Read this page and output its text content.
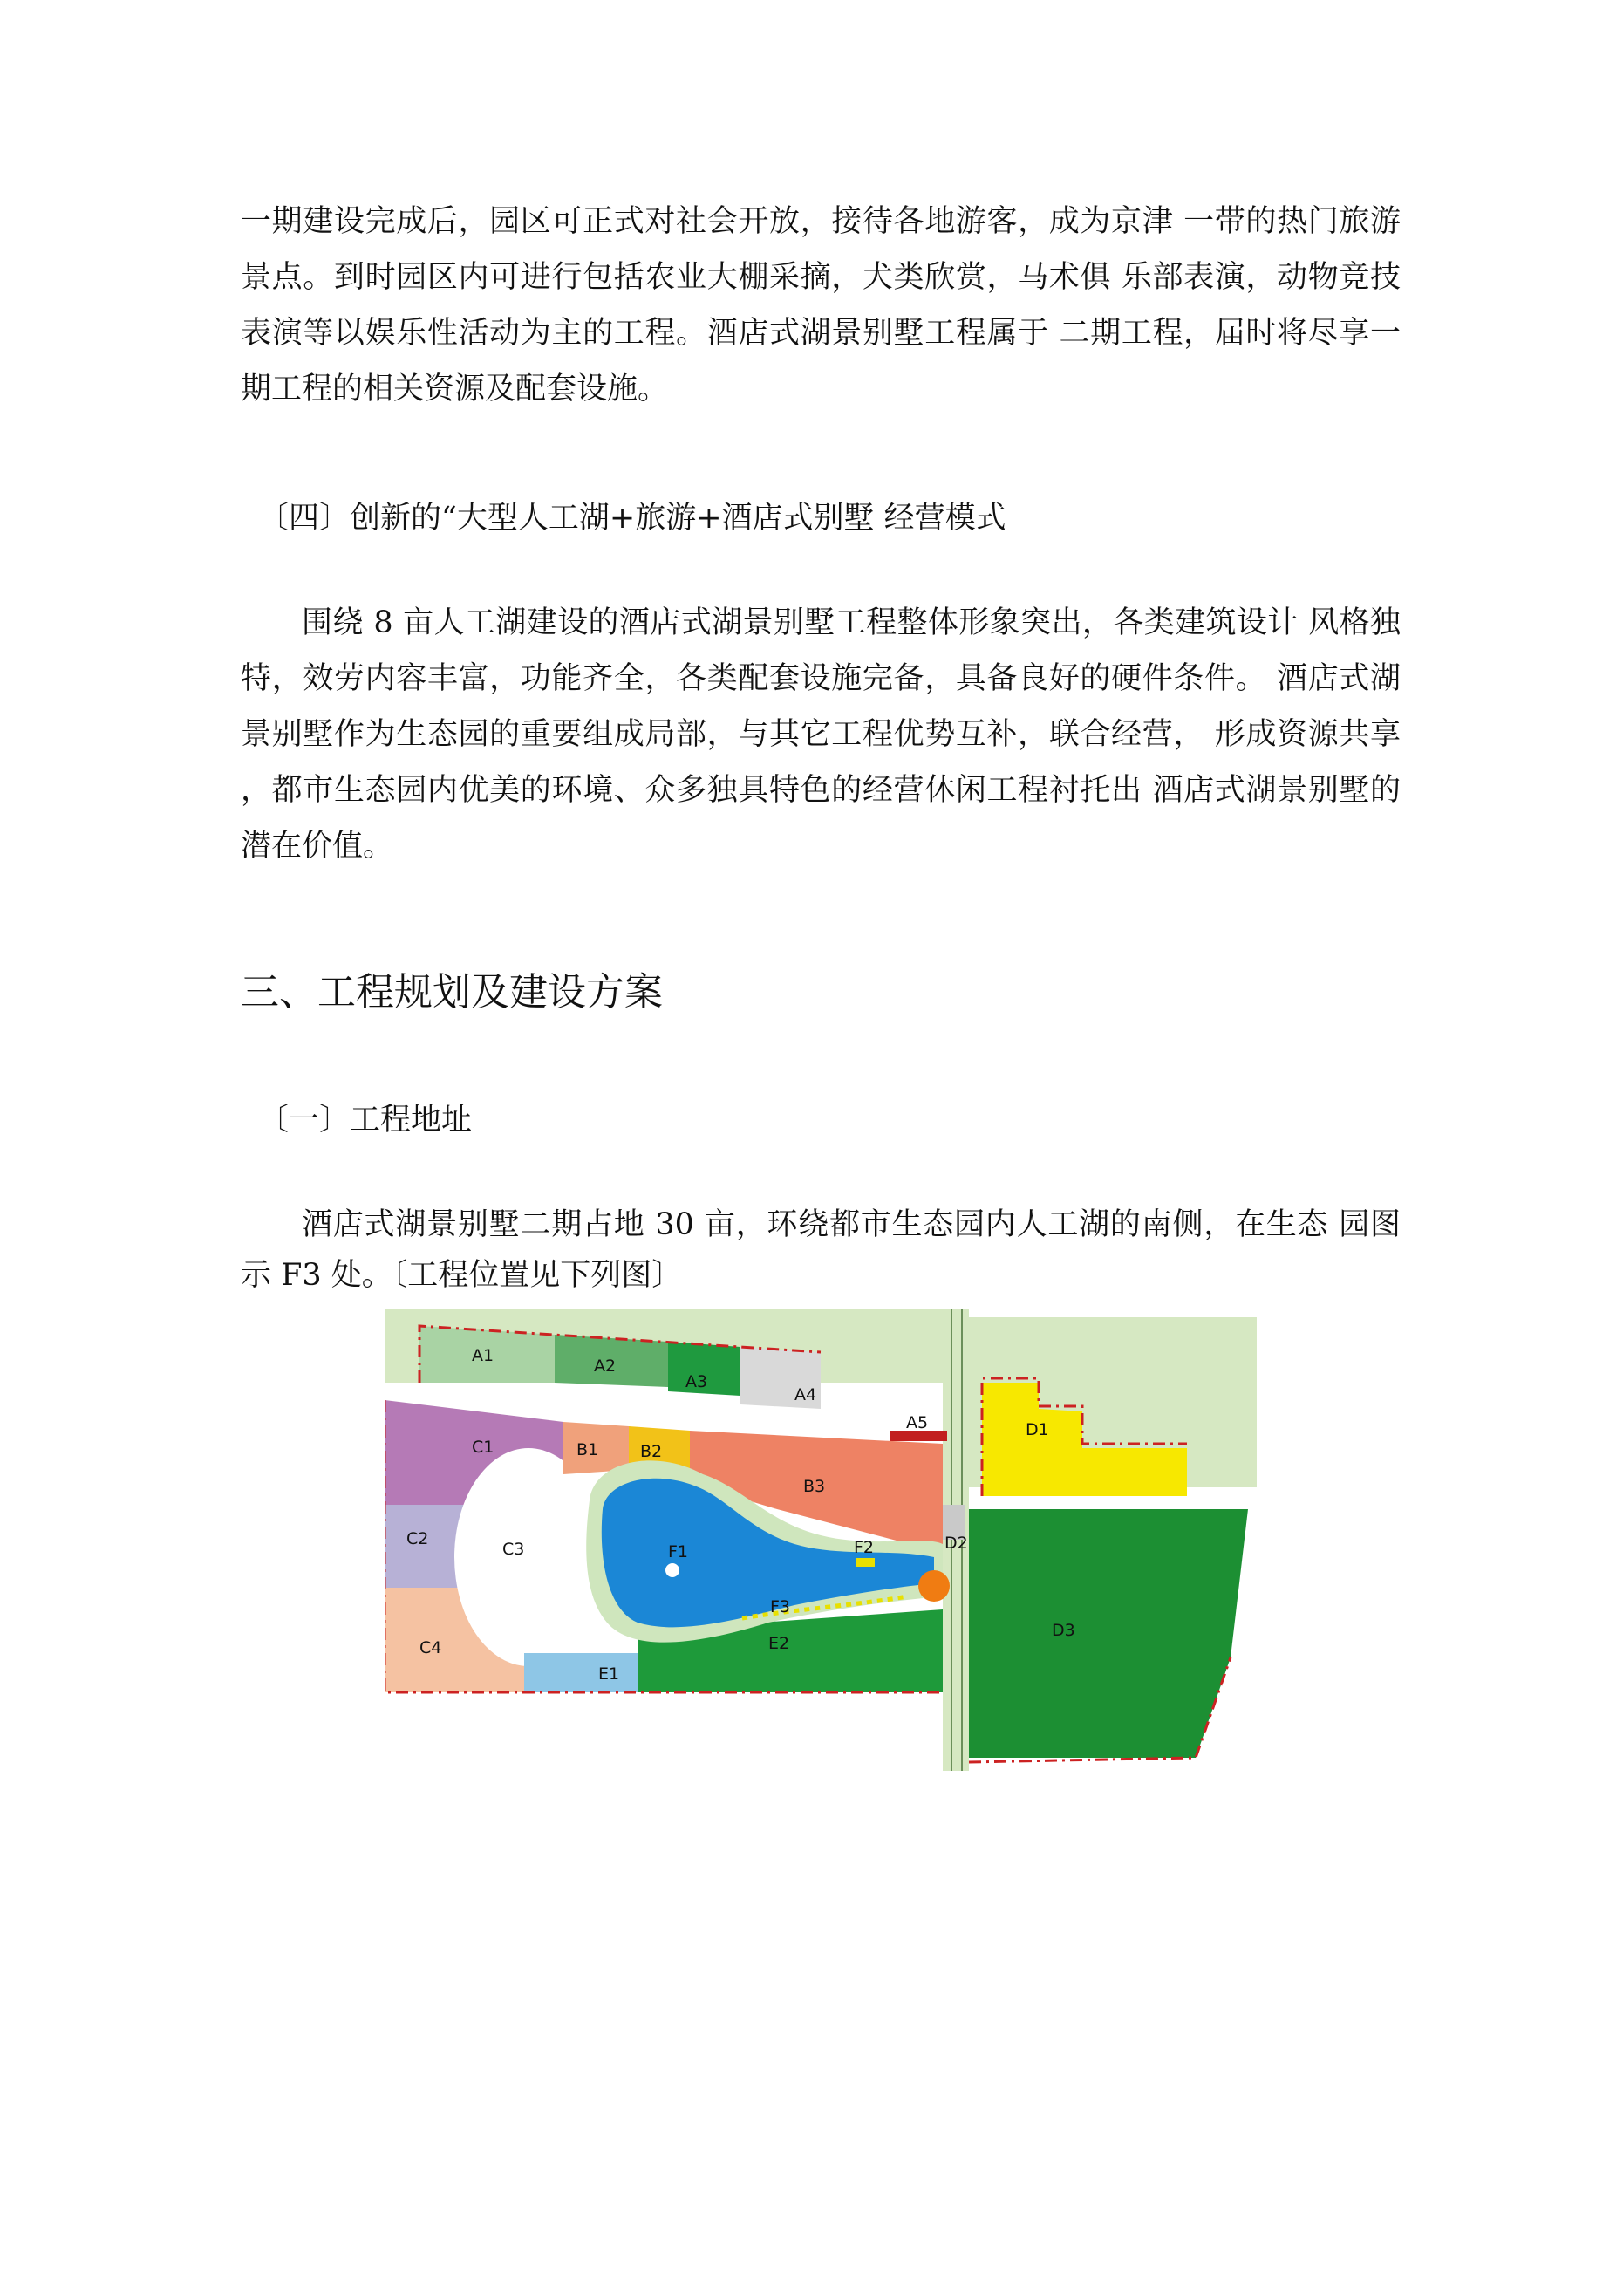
一期建设完成后，园区可正式对社会开放，接待各地游客，成为京津 一带的热门旅游
景点。到时园区内可进行包括农业大棚采摘，犬类欣赏，马术俱 乐部表演，动物竞技
表演等以娱乐性活动为主的工程。酒店式湖景别墅工程属于 二期工程，届时将尽享一
期工程的相关资源及配套设施。

〔四〕创新的“大型人工湖+旅游+酒店式别墅 经营模式

围绕 8 亩人工湖建设的酒店式湖景别墅工程整体形象突出，各类建筑设计 风格独
特，效劳内容丰富，功能齐全，各类配套设施完备，具备良好的硬件条件。 酒店式湖
景别墅作为生态园的重要组成局部，与其它工程优势互补，联合经营， 形成资源共享
，都市生态园内优美的环境、众多独具特色的经营休闲工程衬托出 酒店式湖景别墅的
潜在价值。

三、工程规划及建设方案

〔一〕工程地址

酒店式湖景别墅二期占地 30 亩，环绕都市生态园内人工湖的南侧，在生态 园图
示 F3 处。〔工程位置见下列图〕
A1
A2
A3
A4
A5
C1	B1	B2
B3
C2
C3	F1	F2	D2
F3
C4
E1
E2
D1
D3
